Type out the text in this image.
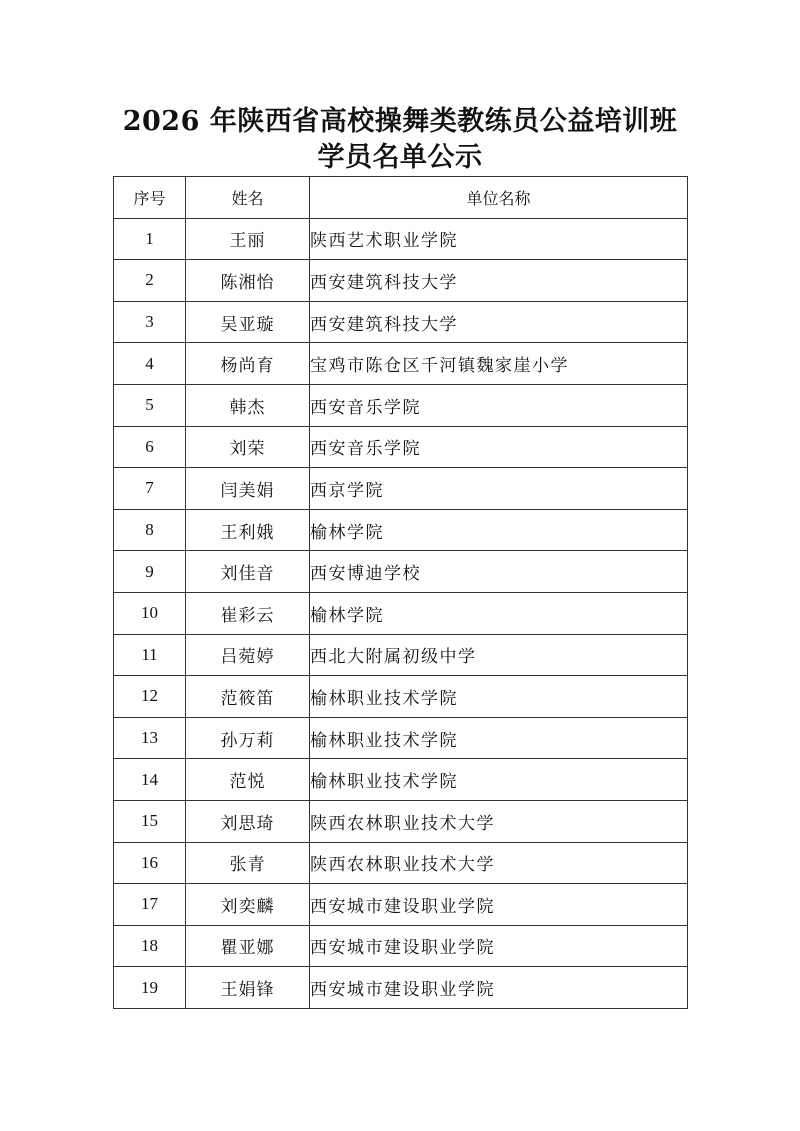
2026 年陕西省高校操舞类教练员公益培训班
学员名单公示
序号	姓名	单位名称
1	王丽	陕西艺术职业学院
2	陈湘怡	西安建筑科技大学
3	吴亚璇	西安建筑科技大学
4	杨尚育	宝鸡市陈仓区千河镇魏家崖小学
5	韩杰	西安音乐学院
6	刘荣	西安音乐学院
7	闫美娟	西京学院
8	王利娥	榆林学院
9	刘佳音	西安博迪学校
10	崔彩云	榆林学院
11	吕菀婷	西北大附属初级中学
12	范筱笛	榆林职业技术学院
13	孙万莉	榆林职业技术学院
14	范悦	榆林职业技术学院
15	刘思琦	陕西农林职业技术大学
16	张青	陕西农林职业技术大学
17	刘奕麟	西安城市建设职业学院
18	瞿亚娜	西安城市建设职业学院
19	王娟锋	西安城市建设职业学院
